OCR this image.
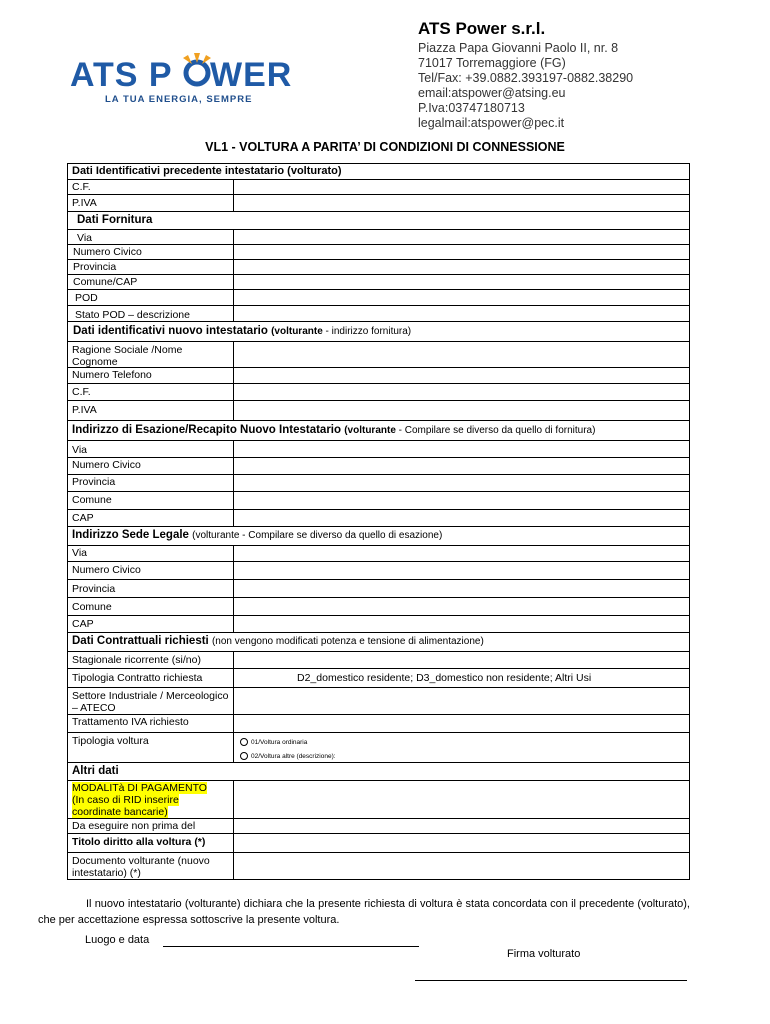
ATS P WER
LA TUA ENERGIA, SEMPRE
ATS Power s.r.l.
Piazza Papa Giovanni Paolo II, nr. 8
71017 Torremaggiore (FG)
Tel/Fax: +39.0882.393197-0882.38290
email:atspower@atsing.eu
P.Iva:03747180713
legalmail:atspower@pec.it
VL1 - VOLTURA A PARITA’ DI CONDIZIONI DI CONNESSIONE
Dati Identificativi precedente intestatario (volturato)
C.F.
P.IVA
Dati Fornitura
Via
Numero Civico
Provincia
Comune/CAP
POD
Stato POD – descrizione
Dati identificativi nuovo intestatario (volturante - indirizzo fornitura)
Ragione Sociale /Nome Cognome
Numero Telefono
C.F.
P.IVA
Indirizzo di Esazione/Recapito Nuovo Intestatario (volturante - Compilare se diverso da quello di fornitura)
Via
Numero Civico
Provincia
Comune
CAP
Indirizzo Sede Legale (volturante - Compilare se diverso da quello di esazione)
Via
Numero Civico
Provincia
Comune
CAP
Dati Contrattuali richiesti (non vengono modificati potenza e tensione di alimentazione)
Stagionale ricorrente (si/no)
Tipologia Contratto richiesta	D2_domestico residente; D3_domestico non residente; Altri Usi
Settore Industriale / Merceologico – ATECO
Trattamento IVA richiesto
Tipologia voltura	01/Voltura ordinaria
02/Voltura altre (descrizione):
Altri dati
MODALITà DI PAGAMENTO (In caso di RID inserire coordinate bancarie)
Da eseguire non prima del
Titolo diritto alla voltura (*)
Documento volturante (nuovo intestatario) (*)
Il nuovo intestatario (volturante) dichiara che la presente richiesta di voltura è stata concordata con il precedente (volturato), che per accettazione espressa sottoscrive la presente voltura.
Luogo e data
Firma volturato
